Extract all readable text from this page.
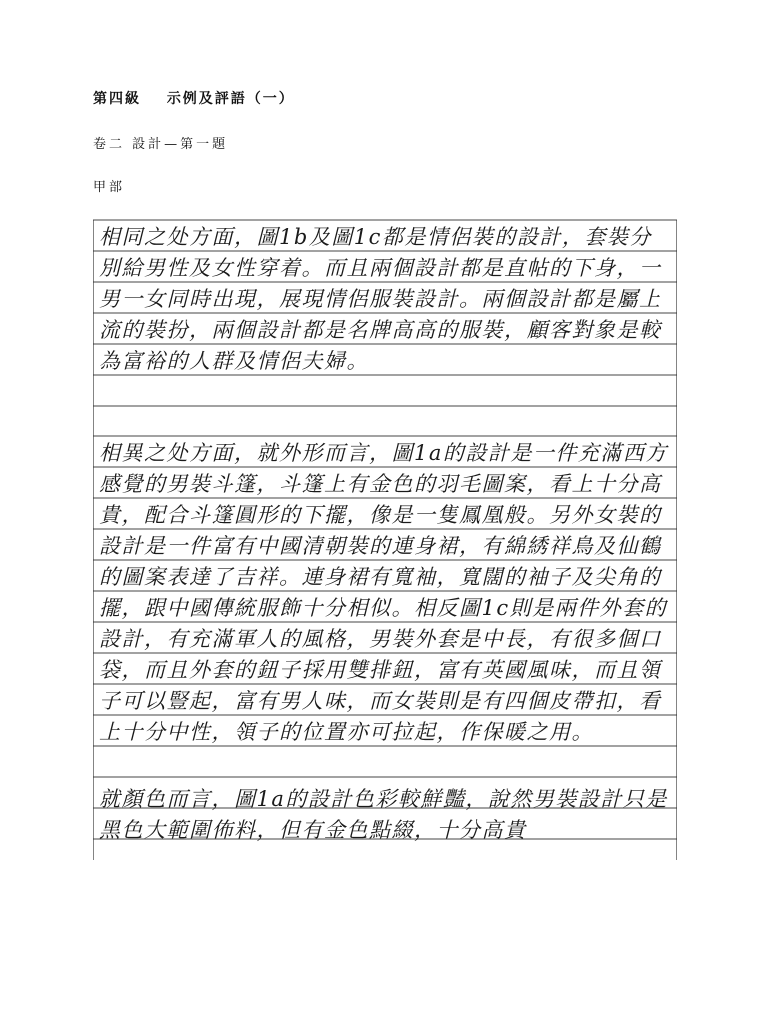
第四級 示例及評語（一）
卷二 設計—第一題
甲部
相同之处方面，圖1b及圖1c都是情侶裝的設計，套裝分別給男性及女性穿着。而且兩個設計都是直帖的下身，一男一女同時出現，展現情侶服裝設計。兩個設計都是屬上流的裝扮，兩個設計都是名牌高高的服裝，顧客對象是較為富裕的人群及情侶夫婦。
相異之处方面，就外形而言，圖1a的設計是一件充滿西方感覺的男裝斗篷，斗篷上有金色的羽毛圖案，看上十分高貴，配合斗篷圓形的下擺，像是一隻鳳凰般。另外女裝的設計是一件富有中國清朝裝的連身裙，有綿綉祥鳥及仙鶴的圖案表達了吉祥。連身裙有寬袖，寬闊的袖子及尖角的擺，跟中國傳統服飾十分相似。相反圖1c則是兩件外套的設計，有充滿軍人的風格，男裝外套是中長，有很多個口袋，而且外套的鈕子採用雙排鈕，富有英國風味，而且領子可以豎起，富有男人味，而女裝則是有四個皮帶扣，看上十分中性，領子的位置亦可拉起，作保暖之用。
就顏色而言，圖1a的設計色彩較鮮豔，說然男裝設計只是黑色大範圍佈料，但有金色點綴，十分高貴
